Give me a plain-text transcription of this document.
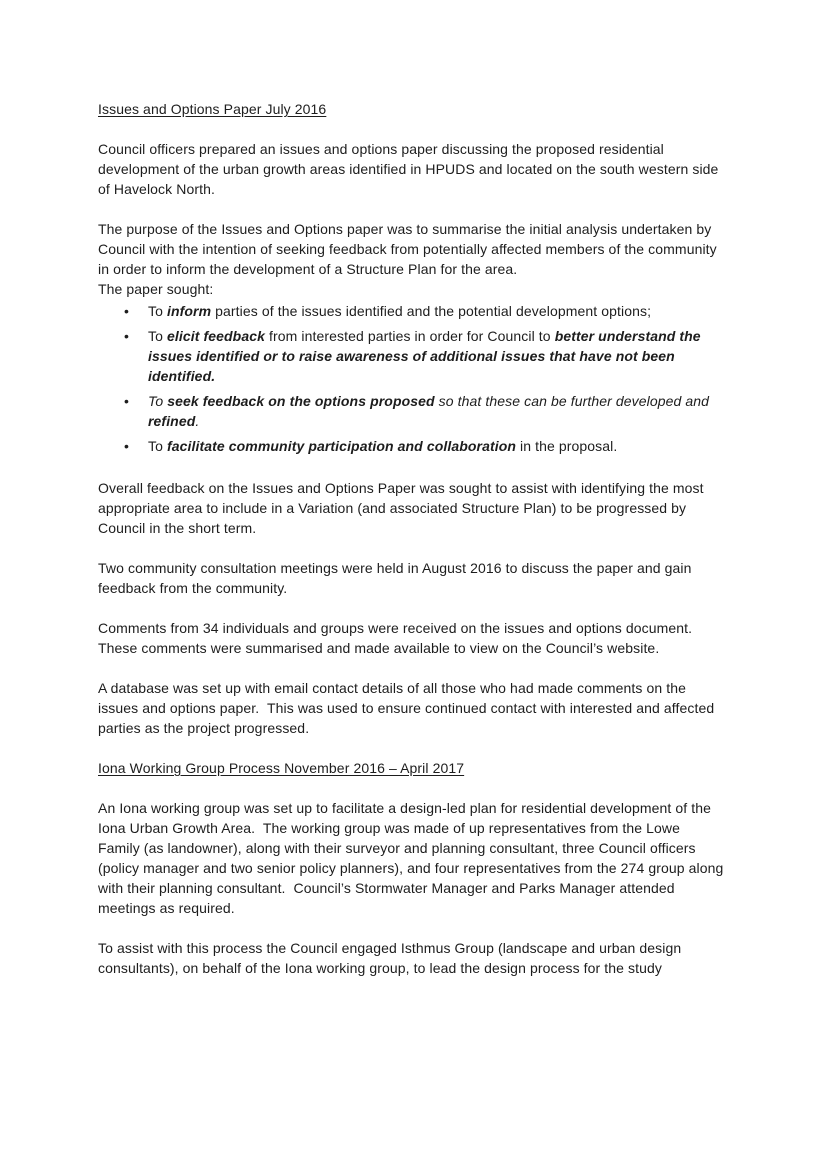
Issues and Options Paper July 2016

Council officers prepared an issues and options paper discussing the proposed residential development of the urban growth areas identified in HPUDS and located on the south western side of Havelock North.

The purpose of the Issues and Options paper was to summarise the initial analysis undertaken by Council with the intention of seeking feedback from potentially affected members of the community in order to inform the development of a Structure Plan for the area.

The paper sought:

• To inform parties of the issues identified and the potential development options;
• To elicit feedback from interested parties in order for Council to better understand the issues identified or to raise awareness of additional issues that have not been identified.
• To seek feedback on the options proposed so that these can be further developed and refined.
• To facilitate community participation and collaboration in the proposal.

Overall feedback on the Issues and Options Paper was sought to assist with identifying the most appropriate area to include in a Variation (and associated Structure Plan) to be progressed by Council in the short term.

Two community consultation meetings were held in August 2016 to discuss the paper and gain feedback from the community.

Comments from 34 individuals and groups were received on the issues and options document.  These comments were summarised and made available to view on the Council’s website.

A database was set up with email contact details of all those who had made comments on the issues and options paper.  This was used to ensure continued contact with interested and affected parties as the project progressed.

Iona Working Group Process November 2016 – April 2017

An Iona working group was set up to facilitate a design-led plan for residential development of the Iona Urban Growth Area.  The working group was made of up representatives from the Lowe Family (as landowner), along with their surveyor and planning consultant, three Council officers (policy manager and two senior policy planners), and four representatives from the 274 group along with their planning consultant.  Council’s Stormwater Manager and Parks Manager attended meetings as required.

To assist with this process the Council engaged Isthmus Group (landscape and urban design consultants), on behalf of the Iona working group, to lead the design process for the study
